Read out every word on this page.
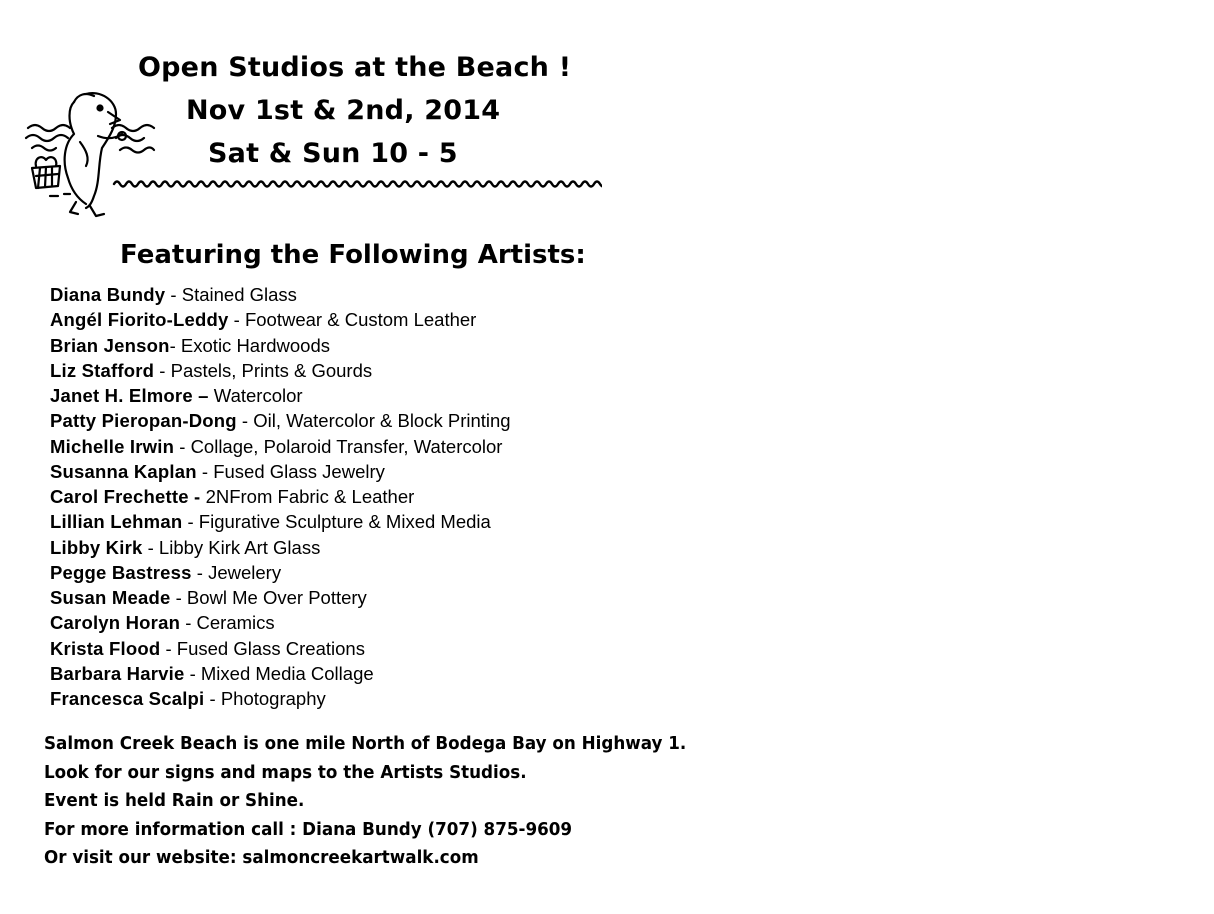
Open Studios at the Beach !
Nov 1st & 2nd, 2014
Sat & Sun 10 - 5
Featuring the Following Artists:
Diana Bundy - Stained Glass
Angél Fiorito-Leddy - Footwear & Custom Leather
Brian Jenson- Exotic Hardwoods
Liz Stafford - Pastels, Prints & Gourds
Janet H. Elmore – Watercolor
Patty Pieropan-Dong - Oil, Watercolor & Block Printing
Michelle Irwin - Collage, Polaroid Transfer, Watercolor
Susanna Kaplan - Fused Glass Jewelry
Carol Frechette - 2NFrom Fabric & Leather
Lillian Lehman - Figurative Sculpture & Mixed Media
Libby Kirk - Libby Kirk Art Glass
Pegge Bastress - Jewelery
Susan Meade - Bowl Me Over Pottery
Carolyn Horan - Ceramics
Krista Flood - Fused Glass Creations
Barbara Harvie - Mixed Media Collage
Francesca Scalpi - Photography
Salmon Creek Beach is one mile North of Bodega Bay on Highway 1.
Look for our signs and maps to the Artists Studios.
Event is held Rain or Shine.
For more information call : Diana Bundy (707) 875-9609
Or visit our website: salmoncreekartwalk.com
